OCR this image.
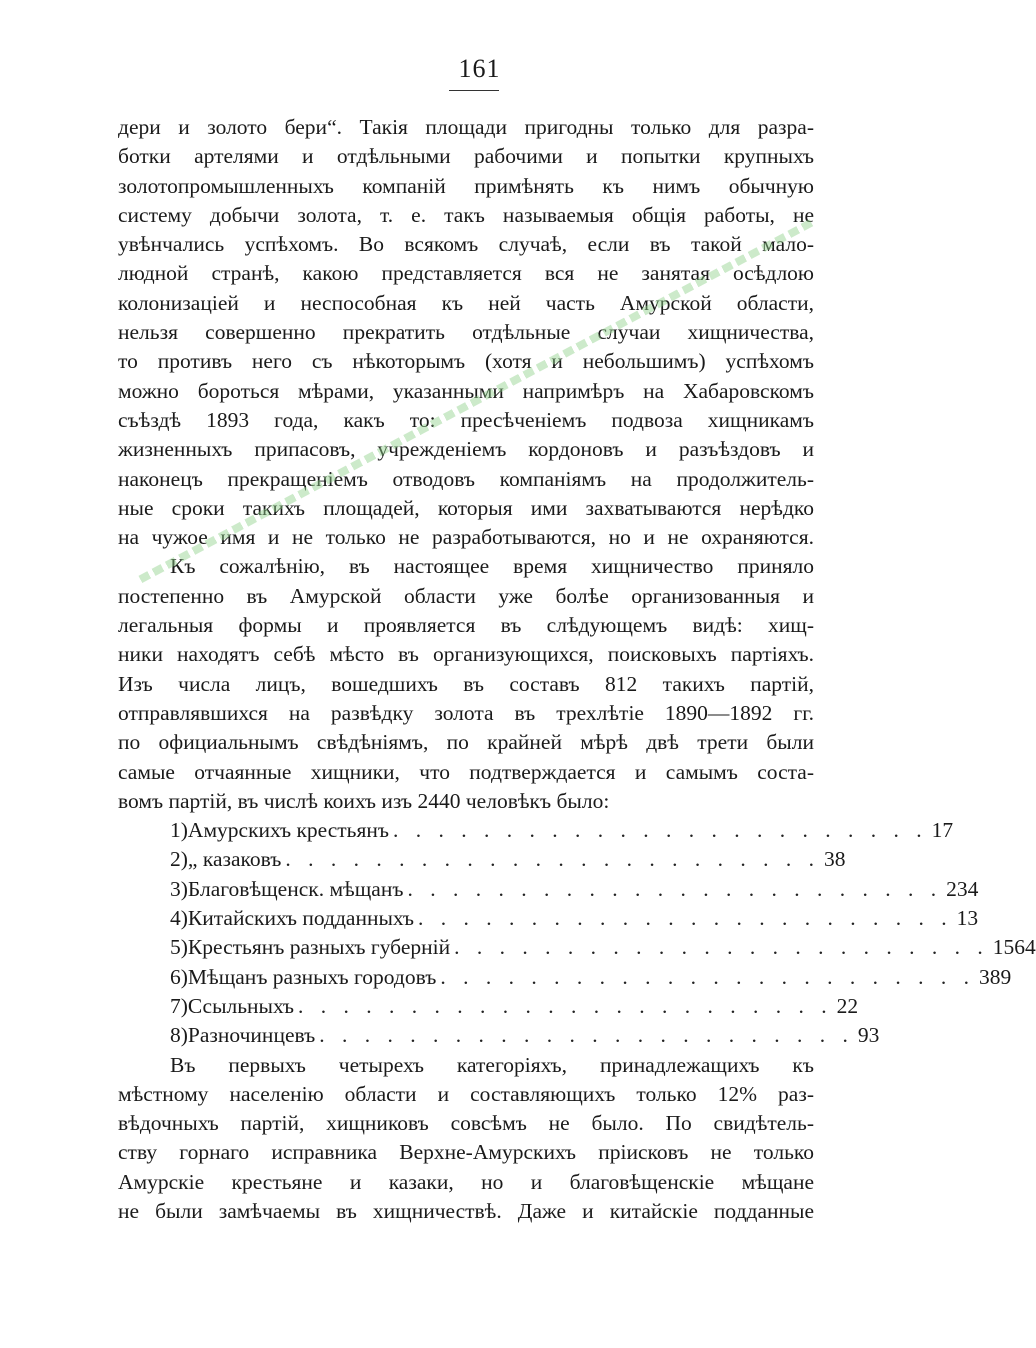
161
дери и золото бери“. Такія площади пригодны только для разра-
ботки артелями и отдѣльными рабочими и попытки крупныхъ
золотопромышленныхъ компаній примѣнять къ нимъ обычную
систему добычи золота, т. е. такъ называемыя общія работы, не
увѣнчались успѣхомъ. Во всякомъ случаѣ, если въ такой мало-
людной странѣ, какою представляется вся не занятая осѣдлою
колонизацiей и неспособная къ ней часть Амурской области,
нельзя совершенно прекратить отдѣльные случаи хищничества,
то противъ него съ нѣкоторымъ (хотя и небольшимъ) успѣхомъ
можно бороться мѣрами, указанными напримѣръ на Хабаровскомъ
съѣздѣ 1893 года, какъ то: пресѣченiемъ подвоза хищникамъ
жизненныхъ припасовъ, учрежденiемъ кордоновъ и разъѣздовъ и
наконецъ прекращенiемъ отводовъ компанiямъ на продолжитель-
ные сроки такихъ площадей, которыя ими захватываются нерѣдко
на чужое имя и не только не разработываются, но и не охраняются.
Къ сожалѣнiю, въ настоящее время хищничество приняло
постепенно въ Амурской области уже болѣе организованныя и
легальныя формы и проявляется въ слѣдующемъ видѣ: хищ-
ники находятъ себѣ мѣсто въ организующихся, поисковыхъ партiяхъ.
Изъ числа лицъ, вошедшихъ въ составъ 812 такихъ партiй,
отправлявшихся на развѣдку золота въ трехлѣтiе 1890—1892 гг.
по официальнымъ свѣдѣнiямъ, по крайней мѣрѣ двѣ трети были
самые отчаянные хищники, что подтверждается и самымъ соста-
вомъ партiй, въ числѣ коихъ изъ 2440 человѣкъ было:
1) Амурскихъ крестьянъ . . . . . . . . . . . . . . . . . . . . . . . . 17
2) „ казаковъ . . . . . . . . . . . . . . . . . . . . . . . . 38
3) Благовѣщенск. мѣщанъ . . . . . . . . . . . . . . . . . . . . . . . . 234
4) Китайскихъ подданныхъ . . . . . . . . . . . . . . . . . . . . . . . . 13
5) Крестьянъ разныхъ губерній . . . . . . . . . . . . . . . . . . . . . . . . 1564
6) Мѣщанъ разныхъ городовъ . . . . . . . . . . . . . . . . . . . . . . . . 389
7) Ссыльныхъ . . . . . . . . . . . . . . . . . . . . . . . . 22
8) Разночинцевъ . . . . . . . . . . . . . . . . . . . . . . . . 93
Въ первыхъ четырехъ категорiяхъ, принадлежащихъ къ
мѣстному населенiю области и составляющихъ только 12% раз-
вѣдочныхъ партiй, хищниковъ совсѣмъ не было. По свидѣтель-
ству горнаго исправника Верхне-Амурскихъ прiисковъ не только
Амурскiе крестьяне и казаки, но и благовѣщенскiе мѣщане
не были замѣчаемы въ хищничествѣ. Даже и китайскiе подданные
